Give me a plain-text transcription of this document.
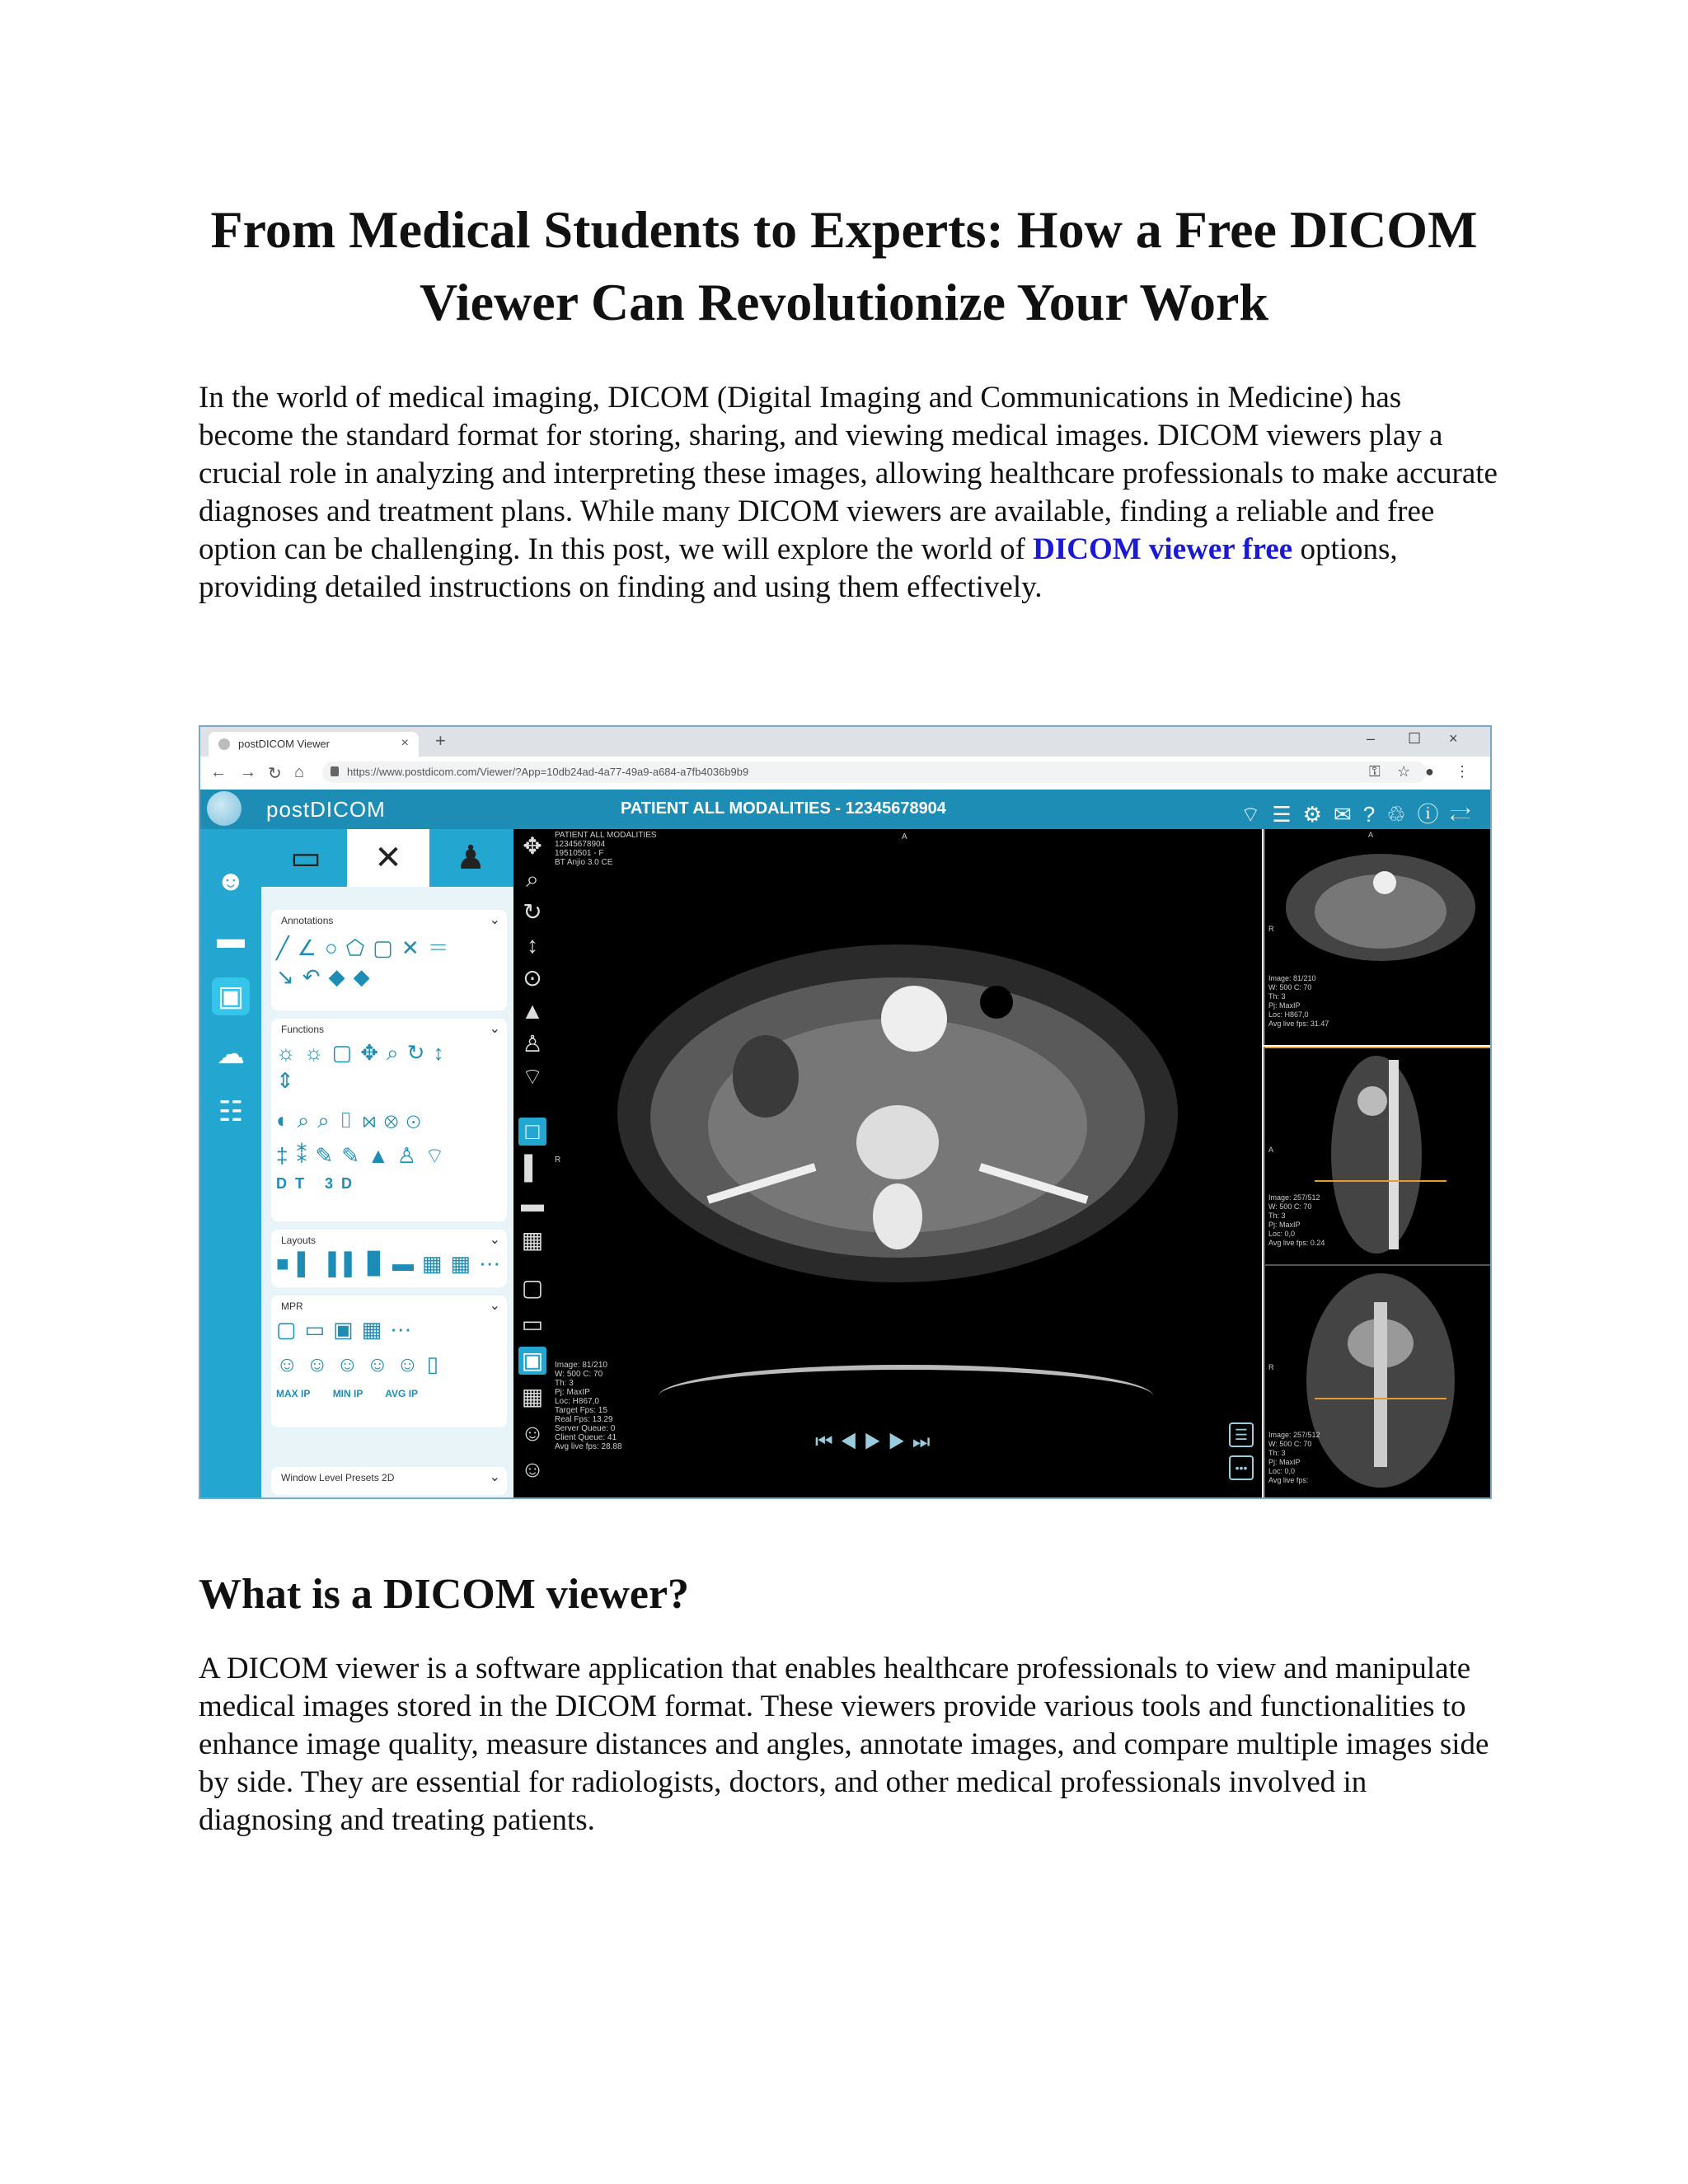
From Medical Students to Experts: How a Free DICOM Viewer Can Revolutionize Your Work

In the world of medical imaging, DICOM (Digital Imaging and Communications in Medicine) has become the standard format for storing, sharing, and viewing medical images. DICOM viewers play a crucial role in analyzing and interpreting these images, allowing healthcare professionals to make accurate diagnoses and treatment plans. While many DICOM viewers are available, finding a reliable and free option can be challenging. In this post, we will explore the world of DICOM viewer free options, providing detailed instructions on finding and using them effectively.

postDICOM Viewer	× +	– ☐ ×
← → ↻ ⌂	https://www.postdicom.com/Viewer/?App=10db24ad-4a77-49a9-a684-a7fb4036b9b9	⚿ ☆ ● ⋮
postDICOM	PATIENT ALL MODALITIES - 12345678904	⌔☰⚙✉?♲ⓘ⇄
☻
▬
▣
☁
☷
▭	✕	♟
Annotations	⌄
╱∠○⬠▢✕＝
↘↶◆◆
Functions	⌄
☼☼▢✥⌕↻↕
⇕
◐⌕⌕▯⋈⊗⊙
‡⁑✎✎▲♙⌔
DT 3D
Layouts	⌄
■▌▐▌▊▬▦▦⋯
MPR	⌄
▢▭▣▦⋯
☺☺☺☺☺▯
MAX IP MIN IP AVG IP
Window Level Presets 2D	⌄
✥
⌕
↻
↕
⊙
▲
♙
⌔
□
▌
▬
▦
▢
▭
▣
▦
☺
☺
PATIENT ALL MODALITIES
12345678904
19510501 - F
BT Anjio 3.0 CE
A
R
⏮◀▶▶⏭	☰
•••
Image: 81/210
W: 500 C: 70
Th: 3
Pj: MaxIP
Loc: H867,0
Target Fps: 15
Real Fps: 13.29
Server Queue: 0
Client Queue: 41
Avg live fps: 28.88
A
R
Image: 81/210
W: 500 C: 70
Th: 3
Pj: MaxIP
Loc: H867,0
Avg live fps: 31.47
A
Image: 257/512
W: 500 C: 70
Th: 3
Pj: MaxIP
Loc: 0,0
Avg live fps: 0.24
R
Image: 257/512
W: 500 C: 70
Th: 3
Pj: MaxIP
Loc: 0,0
Avg live fps:
What is a DICOM viewer?

A DICOM viewer is a software application that enables healthcare professionals to view and manipulate medical images stored in the DICOM format. These viewers provide various tools and functionalities to enhance image quality, measure distances and angles, annotate images, and compare multiple images side by side. They are essential for radiologists, doctors, and other medical professionals involved in diagnosing and treating patients.
